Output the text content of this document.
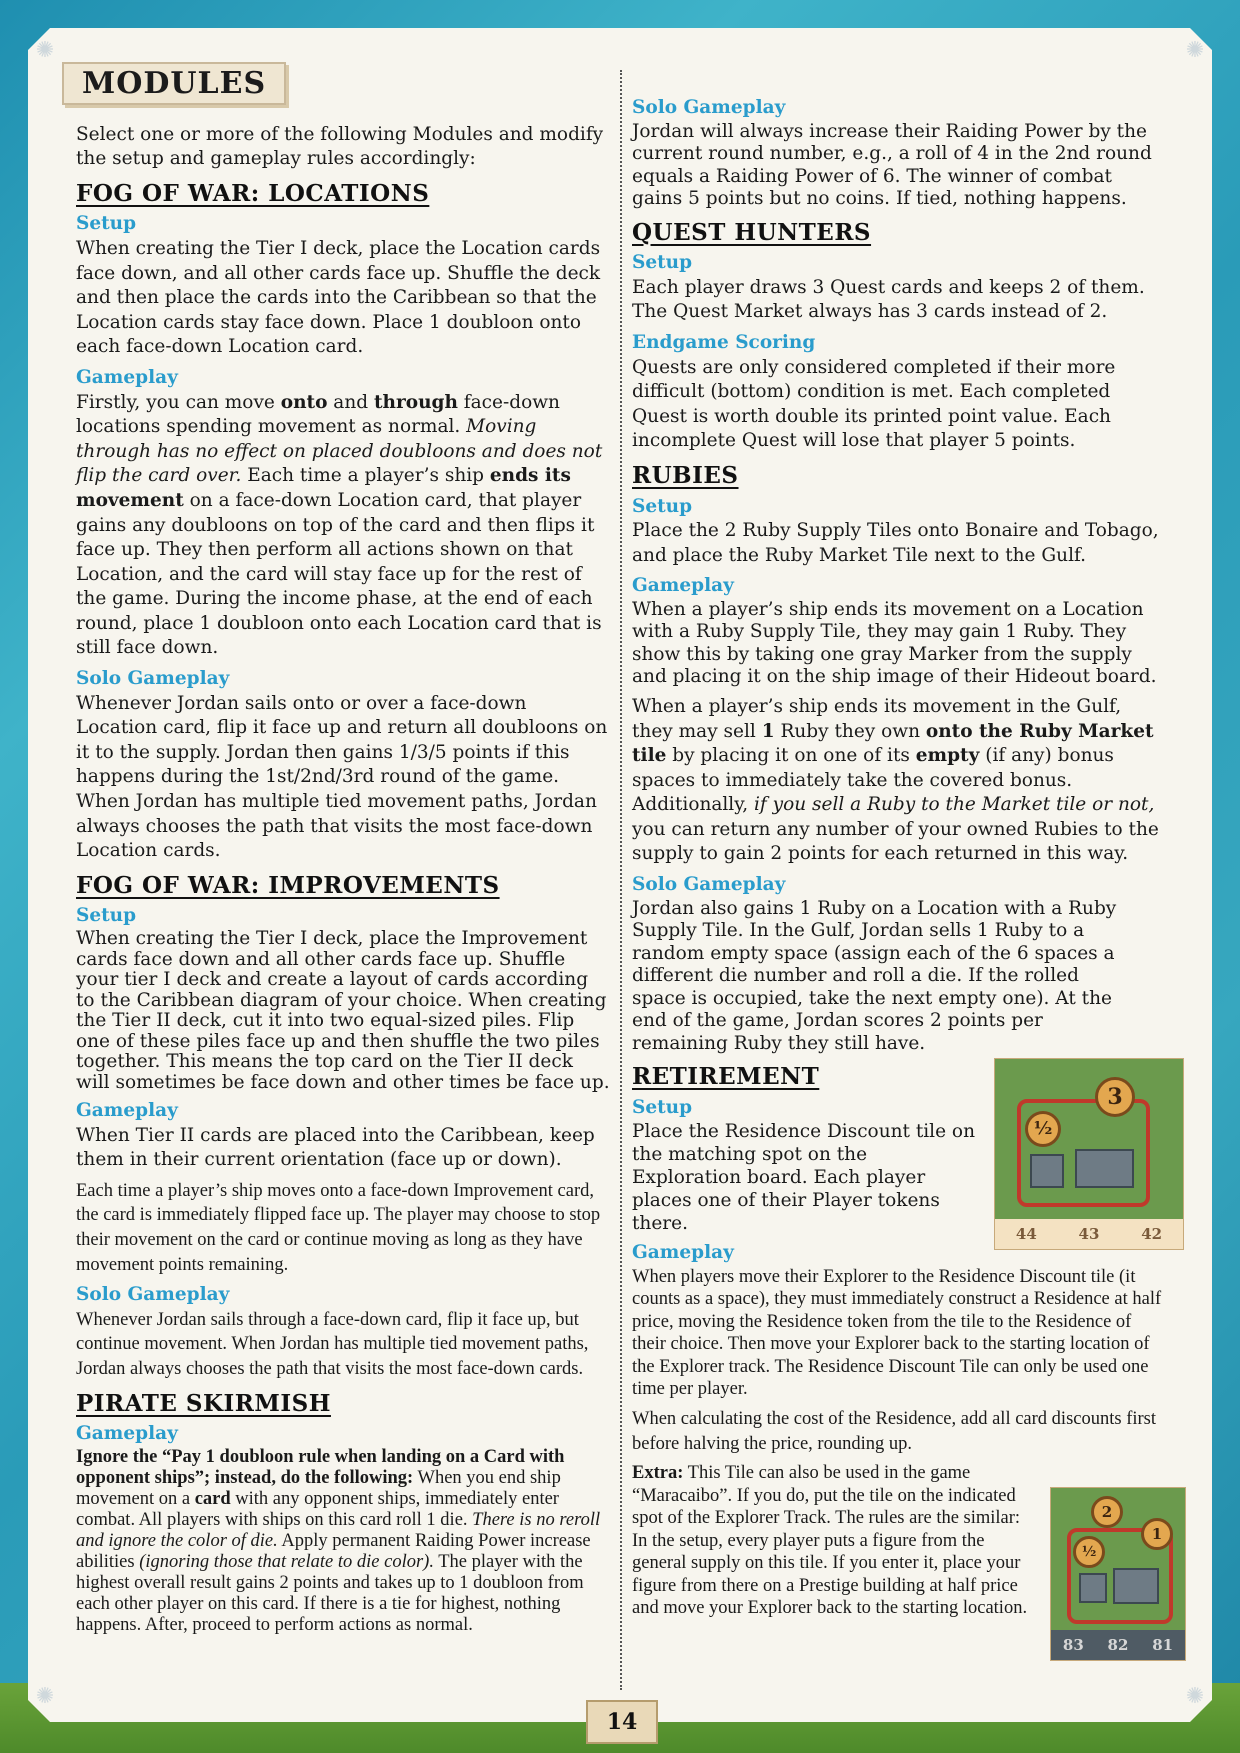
✺	✺
✺	✺
MODULES

Select one or more of the following Modules and modify the setup and gameplay rules accordingly:

FOG OF WAR: LOCATIONS
Setup

When creating the Tier I deck, place the Location cards face down, and all other cards face up. Shuffle the deck and then place the cards into the Caribbean so that the Location cards stay face down. Place 1 doubloon onto each face-down Location card.

Gameplay

Firstly, you can move onto and through face-down locations spending movement as normal. Moving through has no effect on placed doubloons and does not flip the card over. Each time a player’s ship ends its movement on a face-down Location card, that player gains any doubloons on top of the card and then flips it face up. They then perform all actions shown on that Location, and the card will stay face up for the rest of the game. During the income phase, at the end of each round, place 1 doubloon onto each Location card that is still face down.

Solo Gameplay

Whenever Jordan sails onto or over a face-down Location card, flip it face up and return all doubloons on it to the supply. Jordan then gains 1/3/5 points if this happens during the 1st/2nd/3rd round of the game. When Jordan has multiple tied movement paths, Jordan always chooses the path that visits the most face-down Location cards.

FOG OF WAR: IMPROVEMENTS
Setup

When creating the Tier I deck, place the Improvement cards face down and all other cards face up. Shuffle your tier I deck and create a layout of cards according to the Caribbean diagram of your choice. When creating the Tier II deck, cut it into two equal-sized piles. Flip one of these piles face up and then shuffle the two piles together. This means the top card on the Tier II deck will sometimes be face down and other times be face up.

Gameplay

When Tier II cards are placed into the Caribbean, keep them in their current orientation (face up or down).

Each time a player’s ship moves onto a face-down Improvement card, the card is immediately flipped face up. The player may choose to stop their movement on the card or continue moving as long as they have movement points remaining.

Solo Gameplay

Whenever Jordan sails through a face-down card, flip it face up, but continue movement. When Jordan has multiple tied movement paths, Jordan always chooses the path that visits the most face-down cards.

PIRATE SKIRMISH
Gameplay

Ignore the “Pay 1 doubloon rule when landing on a Card with opponent ships”; instead, do the following: When you end ship movement on a card with any opponent ships, immediately enter combat. All players with ships on this card roll 1 die. There is no reroll and ignore the color of die. Apply permanent Raiding Power increase abilities (ignoring those that relate to die color). The player with the highest overall result gains 2 points and takes up to 1 doubloon from each other player on this card. If there is a tie for highest, nothing happens. After, proceed to perform actions as normal.

Solo Gameplay

Jordan will always increase their Raiding Power by the current round number, e.g., a roll of 4 in the 2nd round equals a Raiding Power of 6. The winner of combat gains 5 points but no coins. If tied, nothing happens.

QUEST HUNTERS
Setup

Each player draws 3 Quest cards and keeps 2 of them. The Quest Market always has 3 cards instead of 2.

Endgame Scoring

Quests are only considered completed if their more difficult (bottom) condition is met. Each completed Quest is worth double its printed point value. Each incomplete Quest will lose that player 5 points.

RUBIES
Setup

Place the 2 Ruby Supply Tiles onto Bonaire and Tobago, and place the Ruby Market Tile next to the Gulf.

Gameplay

When a player’s ship ends its movement on a Location with a Ruby Supply Tile, they may gain 1 Ruby. They show this by taking one gray Marker from the supply and placing it on the ship image of their Hideout board.

When a player’s ship ends its movement in the Gulf, they may sell 1 Ruby they own onto the Ruby Market tile by placing it on one of its empty (if any) bonus spaces to immediately take the covered bonus. Additionally, if you sell a Ruby to the Market tile or not, you can return any number of your owned Rubies to the supply to gain 2 points for each returned in this way.

Solo Gameplay

Jordan also gains 1 Ruby on a Location with a Ruby Supply Tile. In the Gulf, Jordan sells 1 Ruby to a random empty space (assign each of the 6 spaces a different die number and roll a die. If the rolled space is occupied, take the next empty one). At the end of the game, Jordan scores 2 points per remaining Ruby they still have.

RETIREMENT
Setup

Place the Residence Discount tile on the matching spot on the Exploration board. Each player places one of their Player tokens there.

Gameplay

When players move their Explorer to the Residence Discount tile (it counts as a space), they must immediately construct a Residence at half price, moving the Residence token from the tile to the Residence of their choice. Then move your Explorer back to the starting location of the Explorer track. The Residence Discount Tile can only be used one time per player.

When calculating the cost of the Residence, add all card discounts first before halving the price, rounding up.

Extra: This Tile can also be used in the game “Maracaibo”. If you do, put the tile on the indicated spot of the Explorer Track. The rules are the similar: In the setup, every player puts a figure from the general supply on this tile. If you enter it, place your figure from there on a Prestige building at half price and move your Explorer back to the starting location.

3
½
44	43	42
2
1
½
83 82 81
14
